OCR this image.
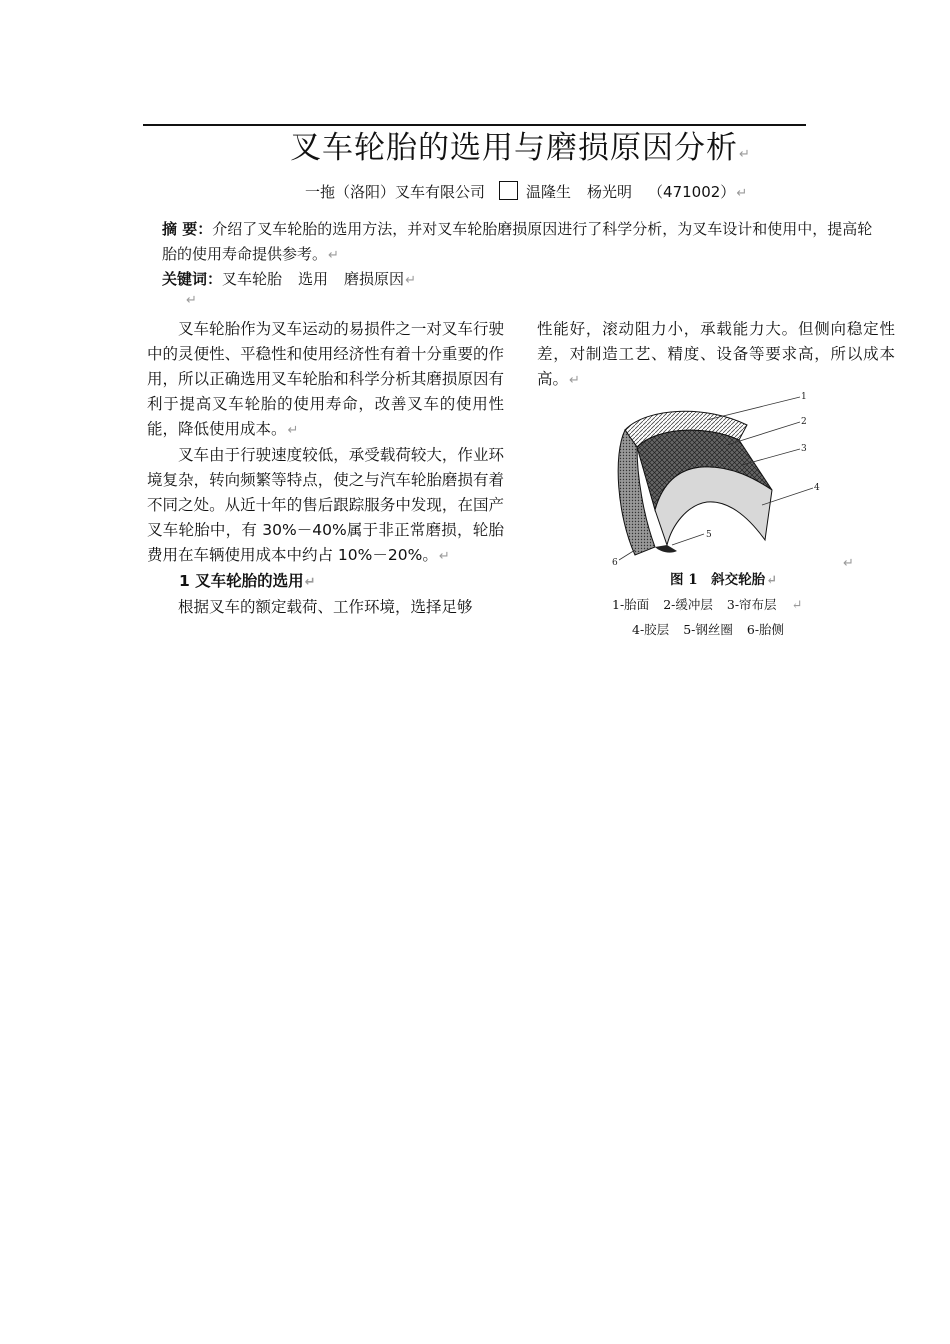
叉车轮胎的选用与磨损原因分析↵
一拖（洛阳）叉车有限公司	温隆生 杨光明 （471002）↵
摘 要：介绍了叉车轮胎的选用方法，并对叉车轮胎磨损原因进行了科学分析，为叉车设计和使用中，提高轮胎的使用寿命提供参考。↵
关键词：叉车轮胎 选用 磨损原因↵
↵

叉车轮胎作为叉车运动的易损件之一对叉车行驶中的灵便性、平稳性和使用经济性有着十分重要的作用，所以正确选用叉车轮胎和科学分析其磨损原因有利于提高叉车轮胎的使用寿命，改善叉车的使用性能，降低使用成本。↵

叉车由于行驶速度较低，承受载荷较大，作业环境复杂，转向频繁等特点，使之与汽车轮胎磨损有着不同之处。从近十年的售后跟踪服务中发现，在国产叉车轮胎中，有 30%－40%属于非正常磨损，轮胎费用在车辆使用成本中约占 10%－20%。↵

1 叉车轮胎的选用↵

根据叉车的额定载荷、工作环境，选择足够

性能好，滚动阻力小，承载能力大。但侧向稳定性差，对制造工艺、精度、设备等要求高，所以成本高。↵

1
2
3
4
5
6	↵
图 1　斜交轮胎↵
1-胎面 2-缓冲层 3-帘布层 ↵
4-胶层 5-钢丝圈 6-胎侧
